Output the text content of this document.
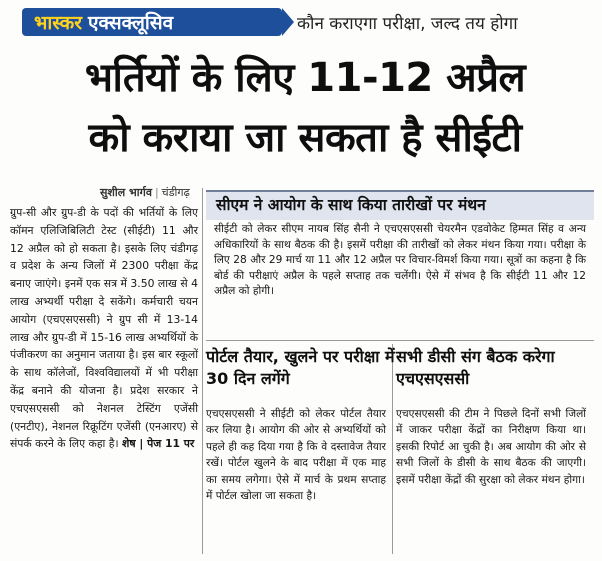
भास्कर एक्सक्लूसिव	कौन कराएगा परीक्षा, जल्द तय होगा
भर्तियों के लिए 11-12 अप्रैल
को कराया जा सकता है सीईटी
सुशील भार्गव | चंडीगढ़
ग्रुप-सी और ग्रुप-डी के पदों की भर्तियों के लिए कॉमन एलिजिबिलिटी टेस्ट (सीईटी) 11 और 12 अप्रैल को हो सकता है। इसके लिए चंडीगढ़ व प्रदेश के अन्य जिलों में 2300 परीक्षा केंद्र बनाए जाएंगे। इनमें एक सत्र में 3.50 लाख से 4 लाख अभ्यर्थी परीक्षा दे सकेंगे। कर्मचारी चयन आयोग (एचएसएससी) ने ग्रुप सी में 13-14 लाख और ग्रुप-डी में 15-16 लाख अभ्यर्थियों के पंजीकरण का अनुमान जताया है। इस बार स्कूलों के साथ कॉलेजों, विश्वविद्यालयों में भी परीक्षा केंद्र बनाने की योजना है। प्रदेश सरकार ने एचएसएससी को नेशनल टेस्टिंग एजेंसी (एनटीए), नेशनल रिक्रूटिंग एजेंसी (एनआरए) से संपर्क करने के लिए कहा है। शेष | पेज 11 पर
सीएम ने आयोग के साथ किया तारीखों पर मंथन
सीईटी को लेकर सीएम नायब सिंह सैनी ने एचएसएससी चेयरमैन एडवोकेट हिम्मत सिंह व अन्य अधिकारियों के साथ बैठक की है। इसमें परीक्षा की तारीखों को लेकर मंथन किया गया। परीक्षा के लिए 28 और 29 मार्च या 11 और 12 अप्रैल पर विचार-विमर्श किया गया। सूत्रों का कहना है कि बोर्ड की परीक्षाएं अप्रैल के पहले सप्ताह तक चलेंगी। ऐसे में संभव है कि सीईटी 11 और 12 अप्रैल को होगी।
पोर्टल तैयार, खुलने पर परीक्षा में 30 दिन लगेंगे
एचएसएससी ने सीईटी को लेकर पोर्टल तैयार कर लिया है। आयोग की ओर से अभ्यर्थियों को पहले ही कह दिया गया है कि वे दस्तावेज तैयार रखें। पोर्टल खुलने के बाद परीक्षा में एक माह का समय लगेगा। ऐसे में मार्च के प्रथम सप्ताह में पोर्टल खोला जा सकता है।
सभी डीसी संग बैठक करेगा एचएसएससी
एचएसएससी की टीम ने पिछले दिनों सभी जिलों में जाकर परीक्षा केंद्रों का निरीक्षण किया था। इसकी रिपोर्ट आ चुकी है। अब आयोग की ओर से सभी जिलों के डीसी के साथ बैठक की जाएगी। इसमें परीक्षा केंद्रों की सुरक्षा को लेकर मंथन होगा।
